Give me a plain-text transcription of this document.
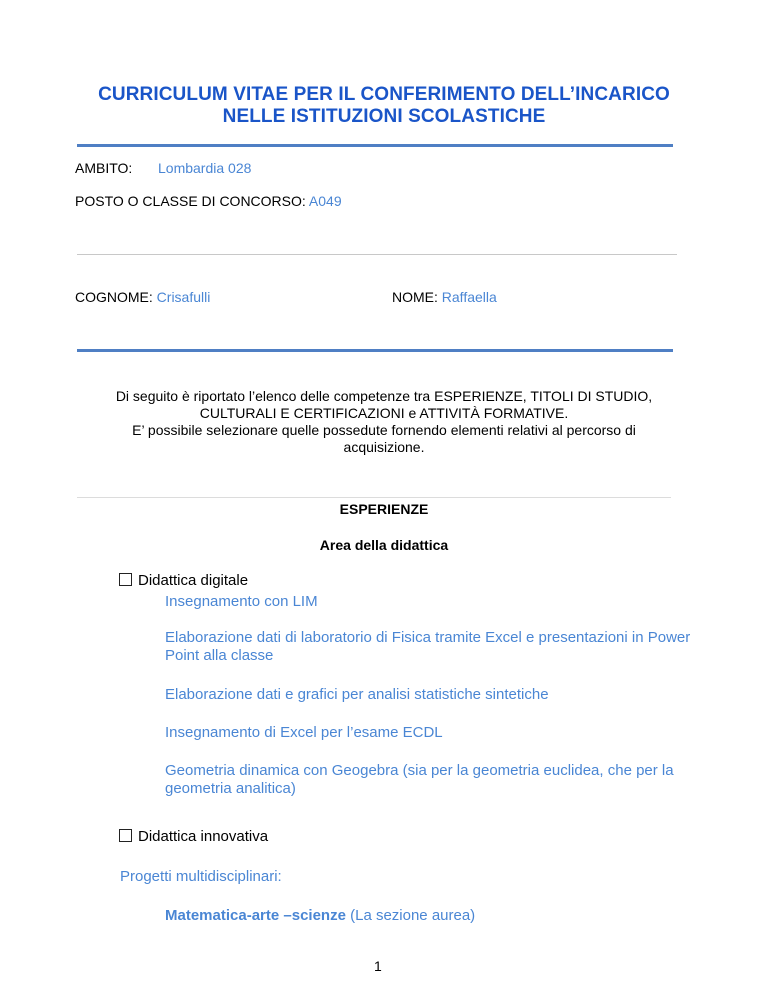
CURRICULUM VITAE PER IL CONFERIMENTO DELL’INCARICO
NELLE ISTITUZIONI SCOLASTICHE
AMBITO: Lombardia 028
POSTO O CLASSE DI CONCORSO: A049
COGNOME: Crisafulli	NOME: Raffaella
Di seguito è riportato l’elenco delle competenze tra ESPERIENZE, TITOLI DI STUDIO,
CULTURALI E CERTIFICAZIONI e ATTIVITÀ FORMATIVE.
E’ possibile selezionare quelle possedute fornendo elementi relativi al percorso di
acquisizione.
ESPERIENZE
Area della didattica
Didattica digitale
Insegnamento con LIM
Elaborazione dati di laboratorio di Fisica tramite Excel e presentazioni in Power Point alla classe
Elaborazione dati e grafici per analisi statistiche sintetiche
Insegnamento di Excel per l’esame ECDL
Geometria dinamica con Geogebra (sia per la geometria euclidea, che per la geometria analitica)
Didattica innovativa
Progetti multidisciplinari:
Matematica-arte –scienze (La sezione aurea)
1
